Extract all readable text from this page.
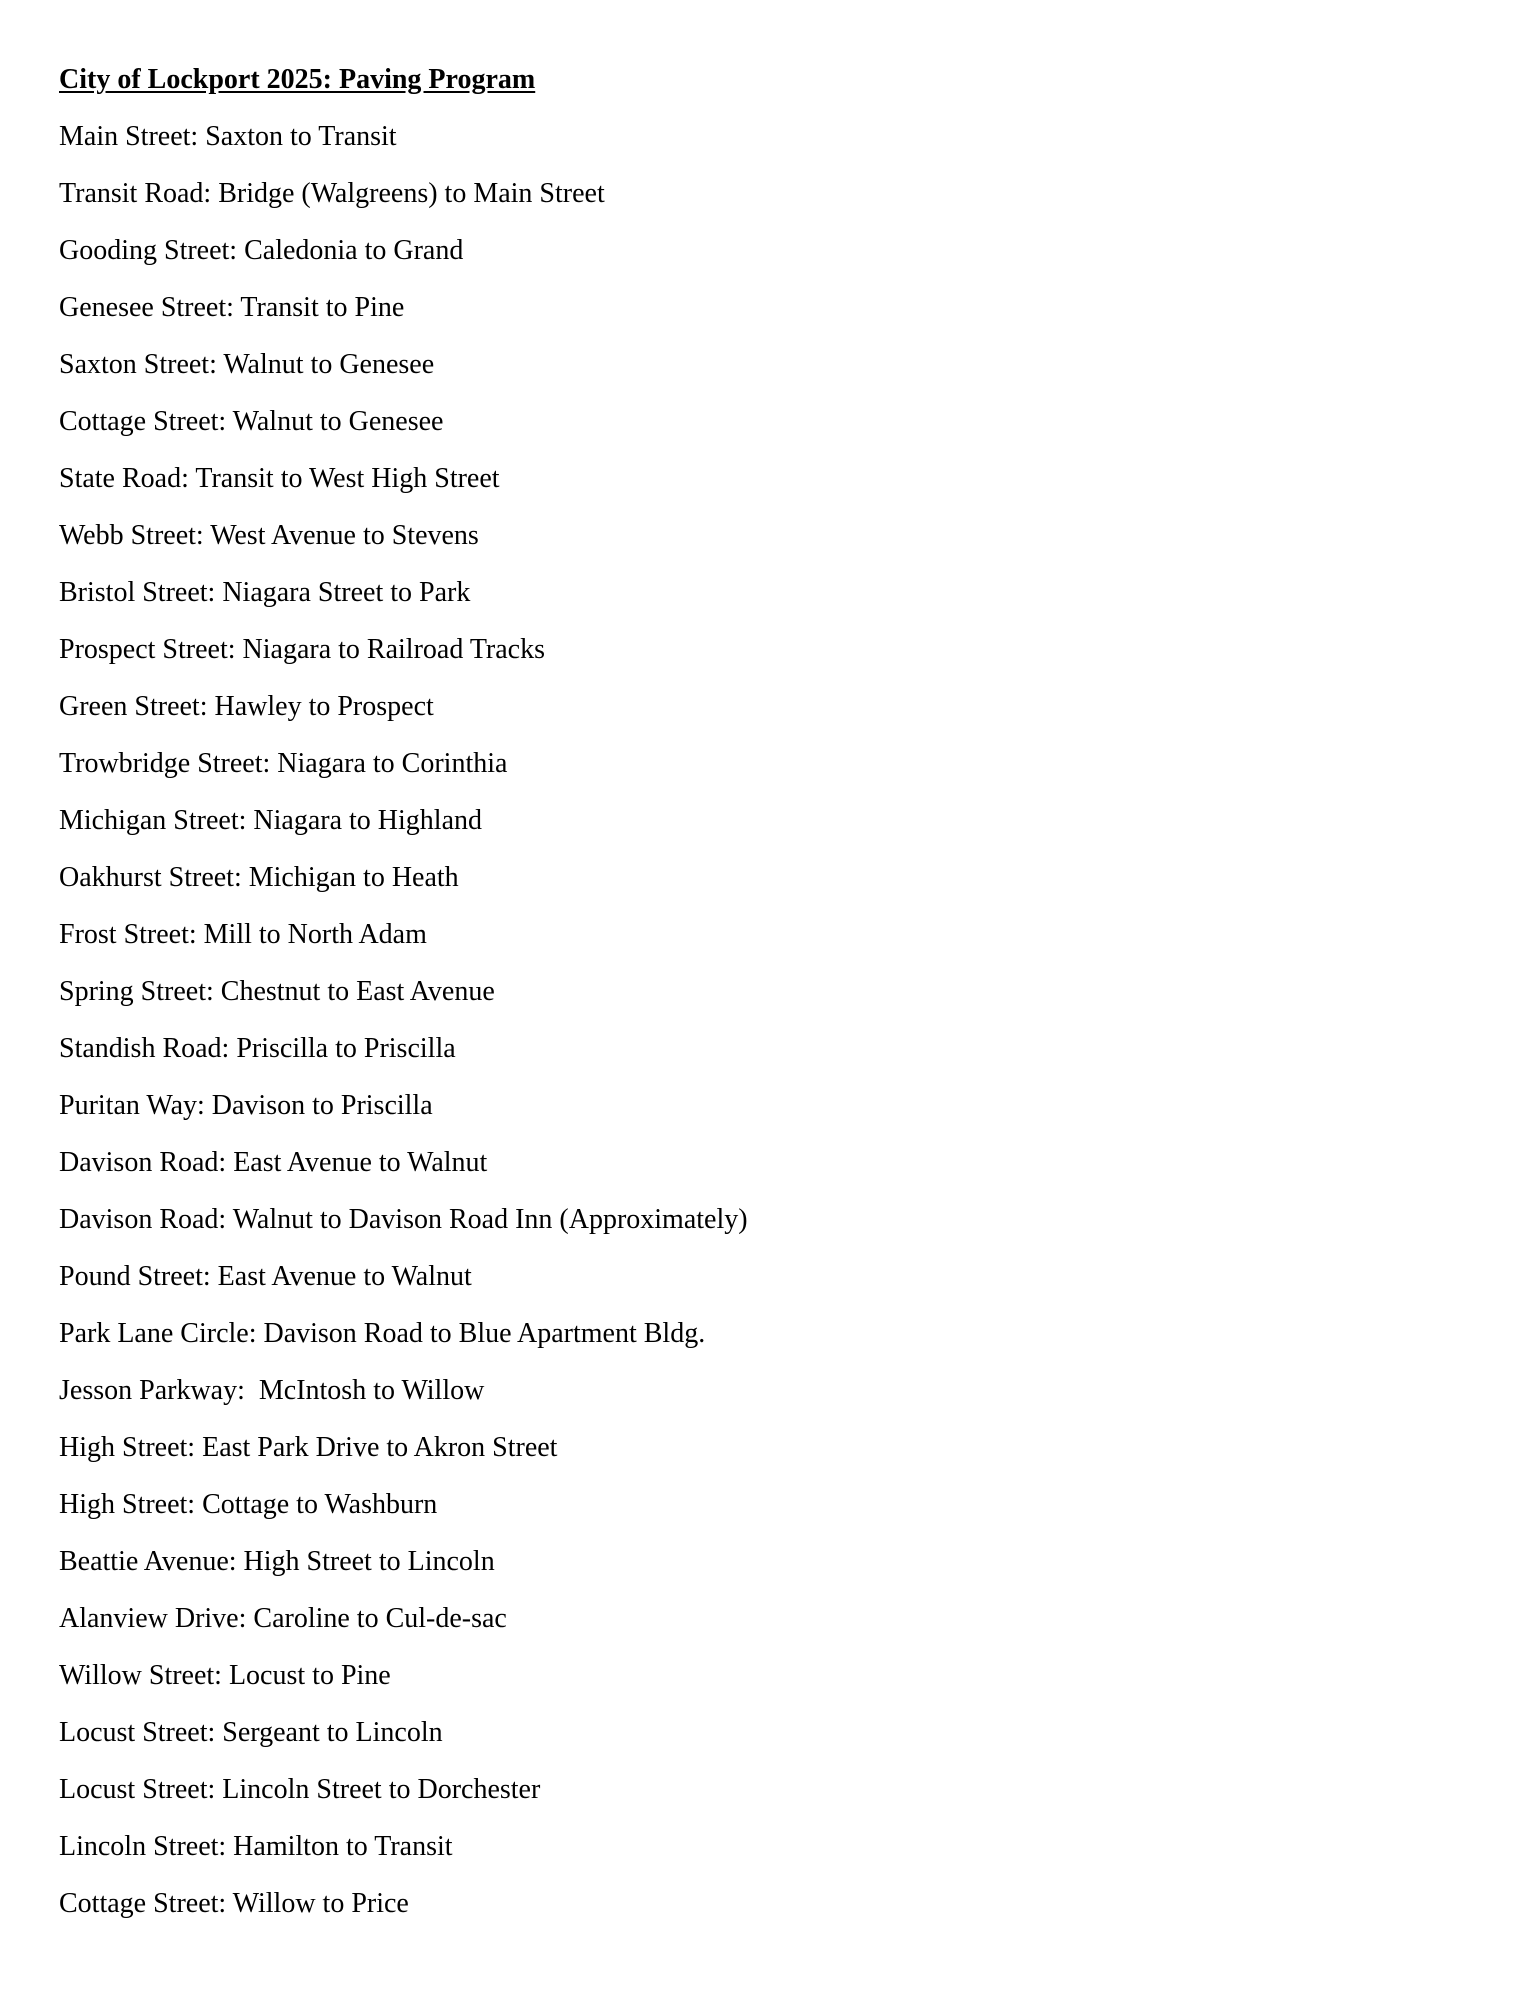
City of Lockport 2025: Paving Program
Main Street: Saxton to Transit
Transit Road: Bridge (Walgreens) to Main Street
Gooding Street: Caledonia to Grand
Genesee Street: Transit to Pine
Saxton Street: Walnut to Genesee
Cottage Street: Walnut to Genesee
State Road: Transit to West High Street
Webb Street: West Avenue to Stevens
Bristol Street: Niagara Street to Park
Prospect Street: Niagara to Railroad Tracks
Green Street: Hawley to Prospect
Trowbridge Street: Niagara to Corinthia
Michigan Street: Niagara to Highland
Oakhurst Street: Michigan to Heath
Frost Street: Mill to North Adam
Spring Street: Chestnut to East Avenue
Standish Road: Priscilla to Priscilla
Puritan Way: Davison to Priscilla
Davison Road: East Avenue to Walnut
Davison Road: Walnut to Davison Road Inn (Approximately)
Pound Street: East Avenue to Walnut
Park Lane Circle: Davison Road to Blue Apartment Bldg.
Jesson Parkway:  McIntosh to Willow
High Street: East Park Drive to Akron Street
High Street: Cottage to Washburn
Beattie Avenue: High Street to Lincoln
Alanview Drive: Caroline to Cul-de-sac
Willow Street: Locust to Pine
Locust Street: Sergeant to Lincoln
Locust Street: Lincoln Street to Dorchester
Lincoln Street: Hamilton to Transit
Cottage Street: Willow to Price
